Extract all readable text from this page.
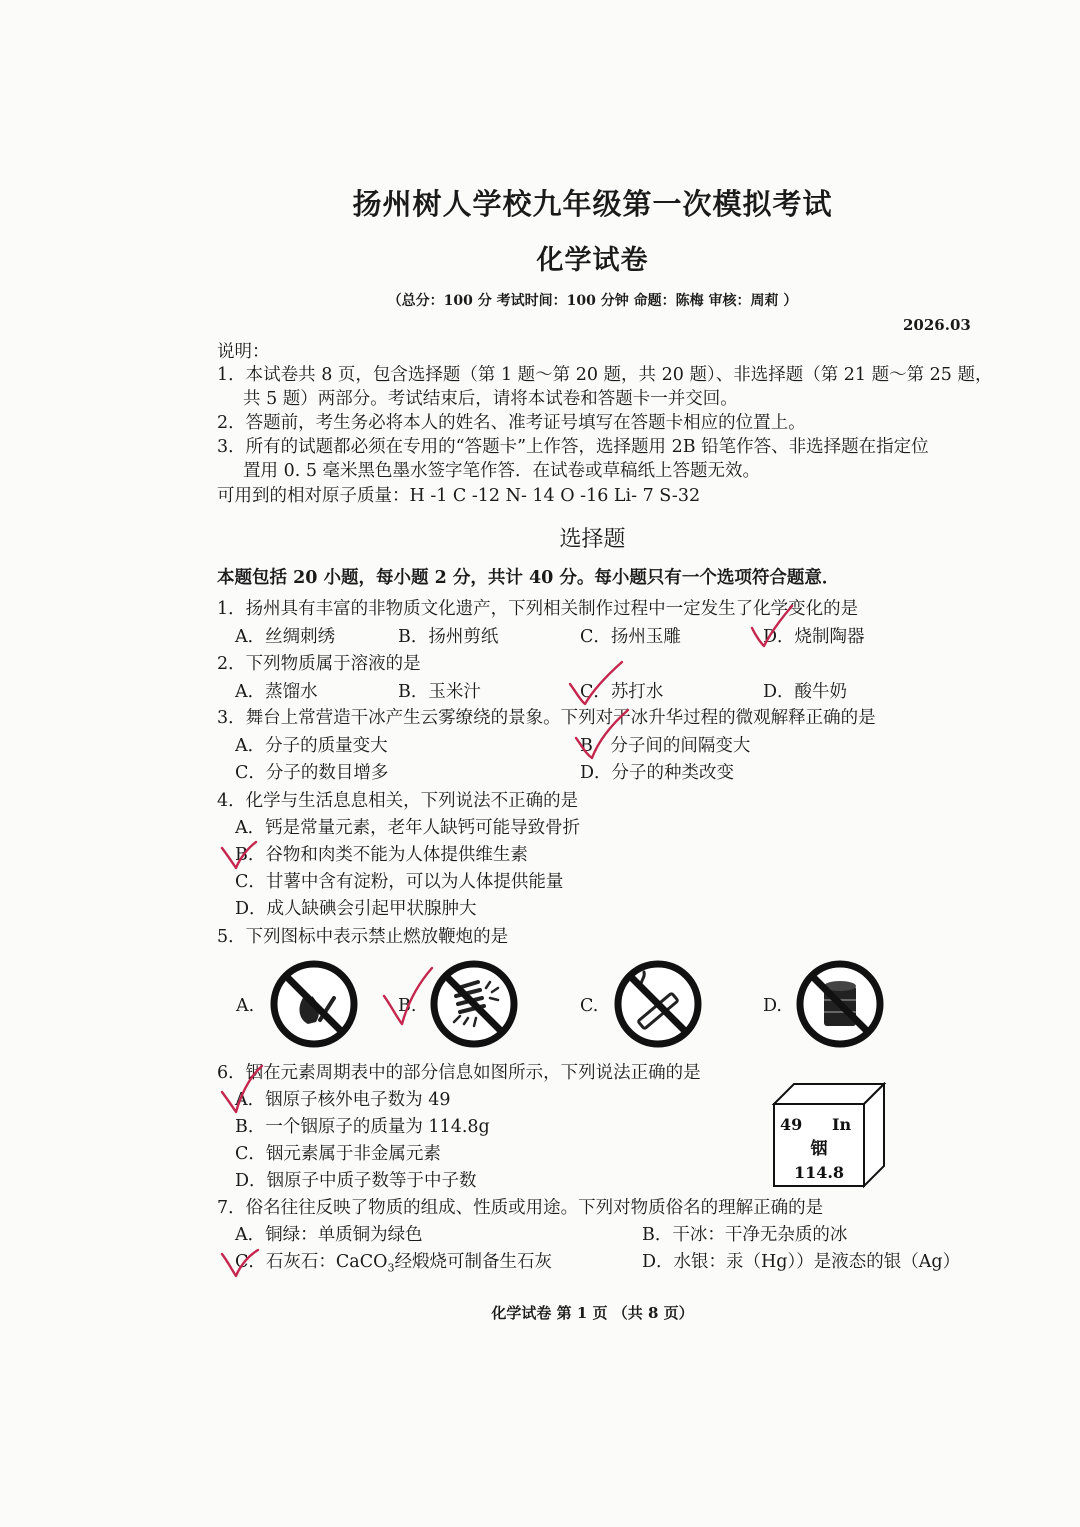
扬州树人学校九年级第一次模拟考试
化学试卷
（总分：100 分 考试时间：100 分钟 命题：陈梅 审核：周莉 ）
2026.03
说明：
1．本试卷共 8 页，包含选择题（第 1 题～第 20 题，共 20 题）、非选择题（第 21 题～第 25 题，
共 5 题）两部分。考试结束后，请将本试卷和答题卡一并交回。
2．答题前，考生务必将本人的姓名、准考证号填写在答题卡相应的位置上。
3．所有的试题都必须在专用的“答题卡”上作答，选择题用 2B 铅笔作答、非选择题在指定位
置用 0. 5 毫米黑色墨水签字笔作答．在试卷或草稿纸上答题无效。
可用到的相对原子质量：H -1 C -12 N- 14 O -16 Li- 7 S-32
选择题
本题包括 20 小题，每小题 2 分，共计 40 分。每小题只有一个选项符合题意．
1．扬州具有丰富的非物质文化遗产，下列相关制作过程中一定发生了化学变化的是
A．丝绸刺绣	B．扬州剪纸	C．扬州玉雕	D．烧制陶器
2．下列物质属于溶液的是
A．蒸馏水	B．玉米汁	C．苏打水	D．酸牛奶
3．舞台上常营造干冰产生云雾缭绕的景象。下列对干冰升华过程的微观解释正确的是
A．分子的质量变大	B．分子间的间隔变大
C．分子的数目增多	D．分子的种类改变
4．化学与生活息息相关，下列说法不正确的是
A．钙是常量元素，老年人缺钙可能导致骨折
B．谷物和肉类不能为人体提供维生素
C．甘薯中含有淀粉，可以为人体提供能量
D．成人缺碘会引起甲状腺肿大
5．下列图标中表示禁止燃放鞭炮的是
A.	B.	C.	D.
6．铟在元素周期表中的部分信息如图所示，下列说法正确的是
A．铟原子核外电子数为 49
B．一个铟原子的质量为 114.8g
C．铟元素属于非金属元素
D．铟原子中质子数等于中子数
49 In
铟
114.8
7．俗名往往反映了物质的组成、性质或用途。下列对物质俗名的理解正确的是
A．铜绿：单质铜为绿色	B．干冰：干净无杂质的冰
C．石灰石：CaCO$_3$经煅烧可制备生石灰	D．水银：汞（Hg））是液态的银（Ag）
化学试卷 第 1 页 （共 8 页）
